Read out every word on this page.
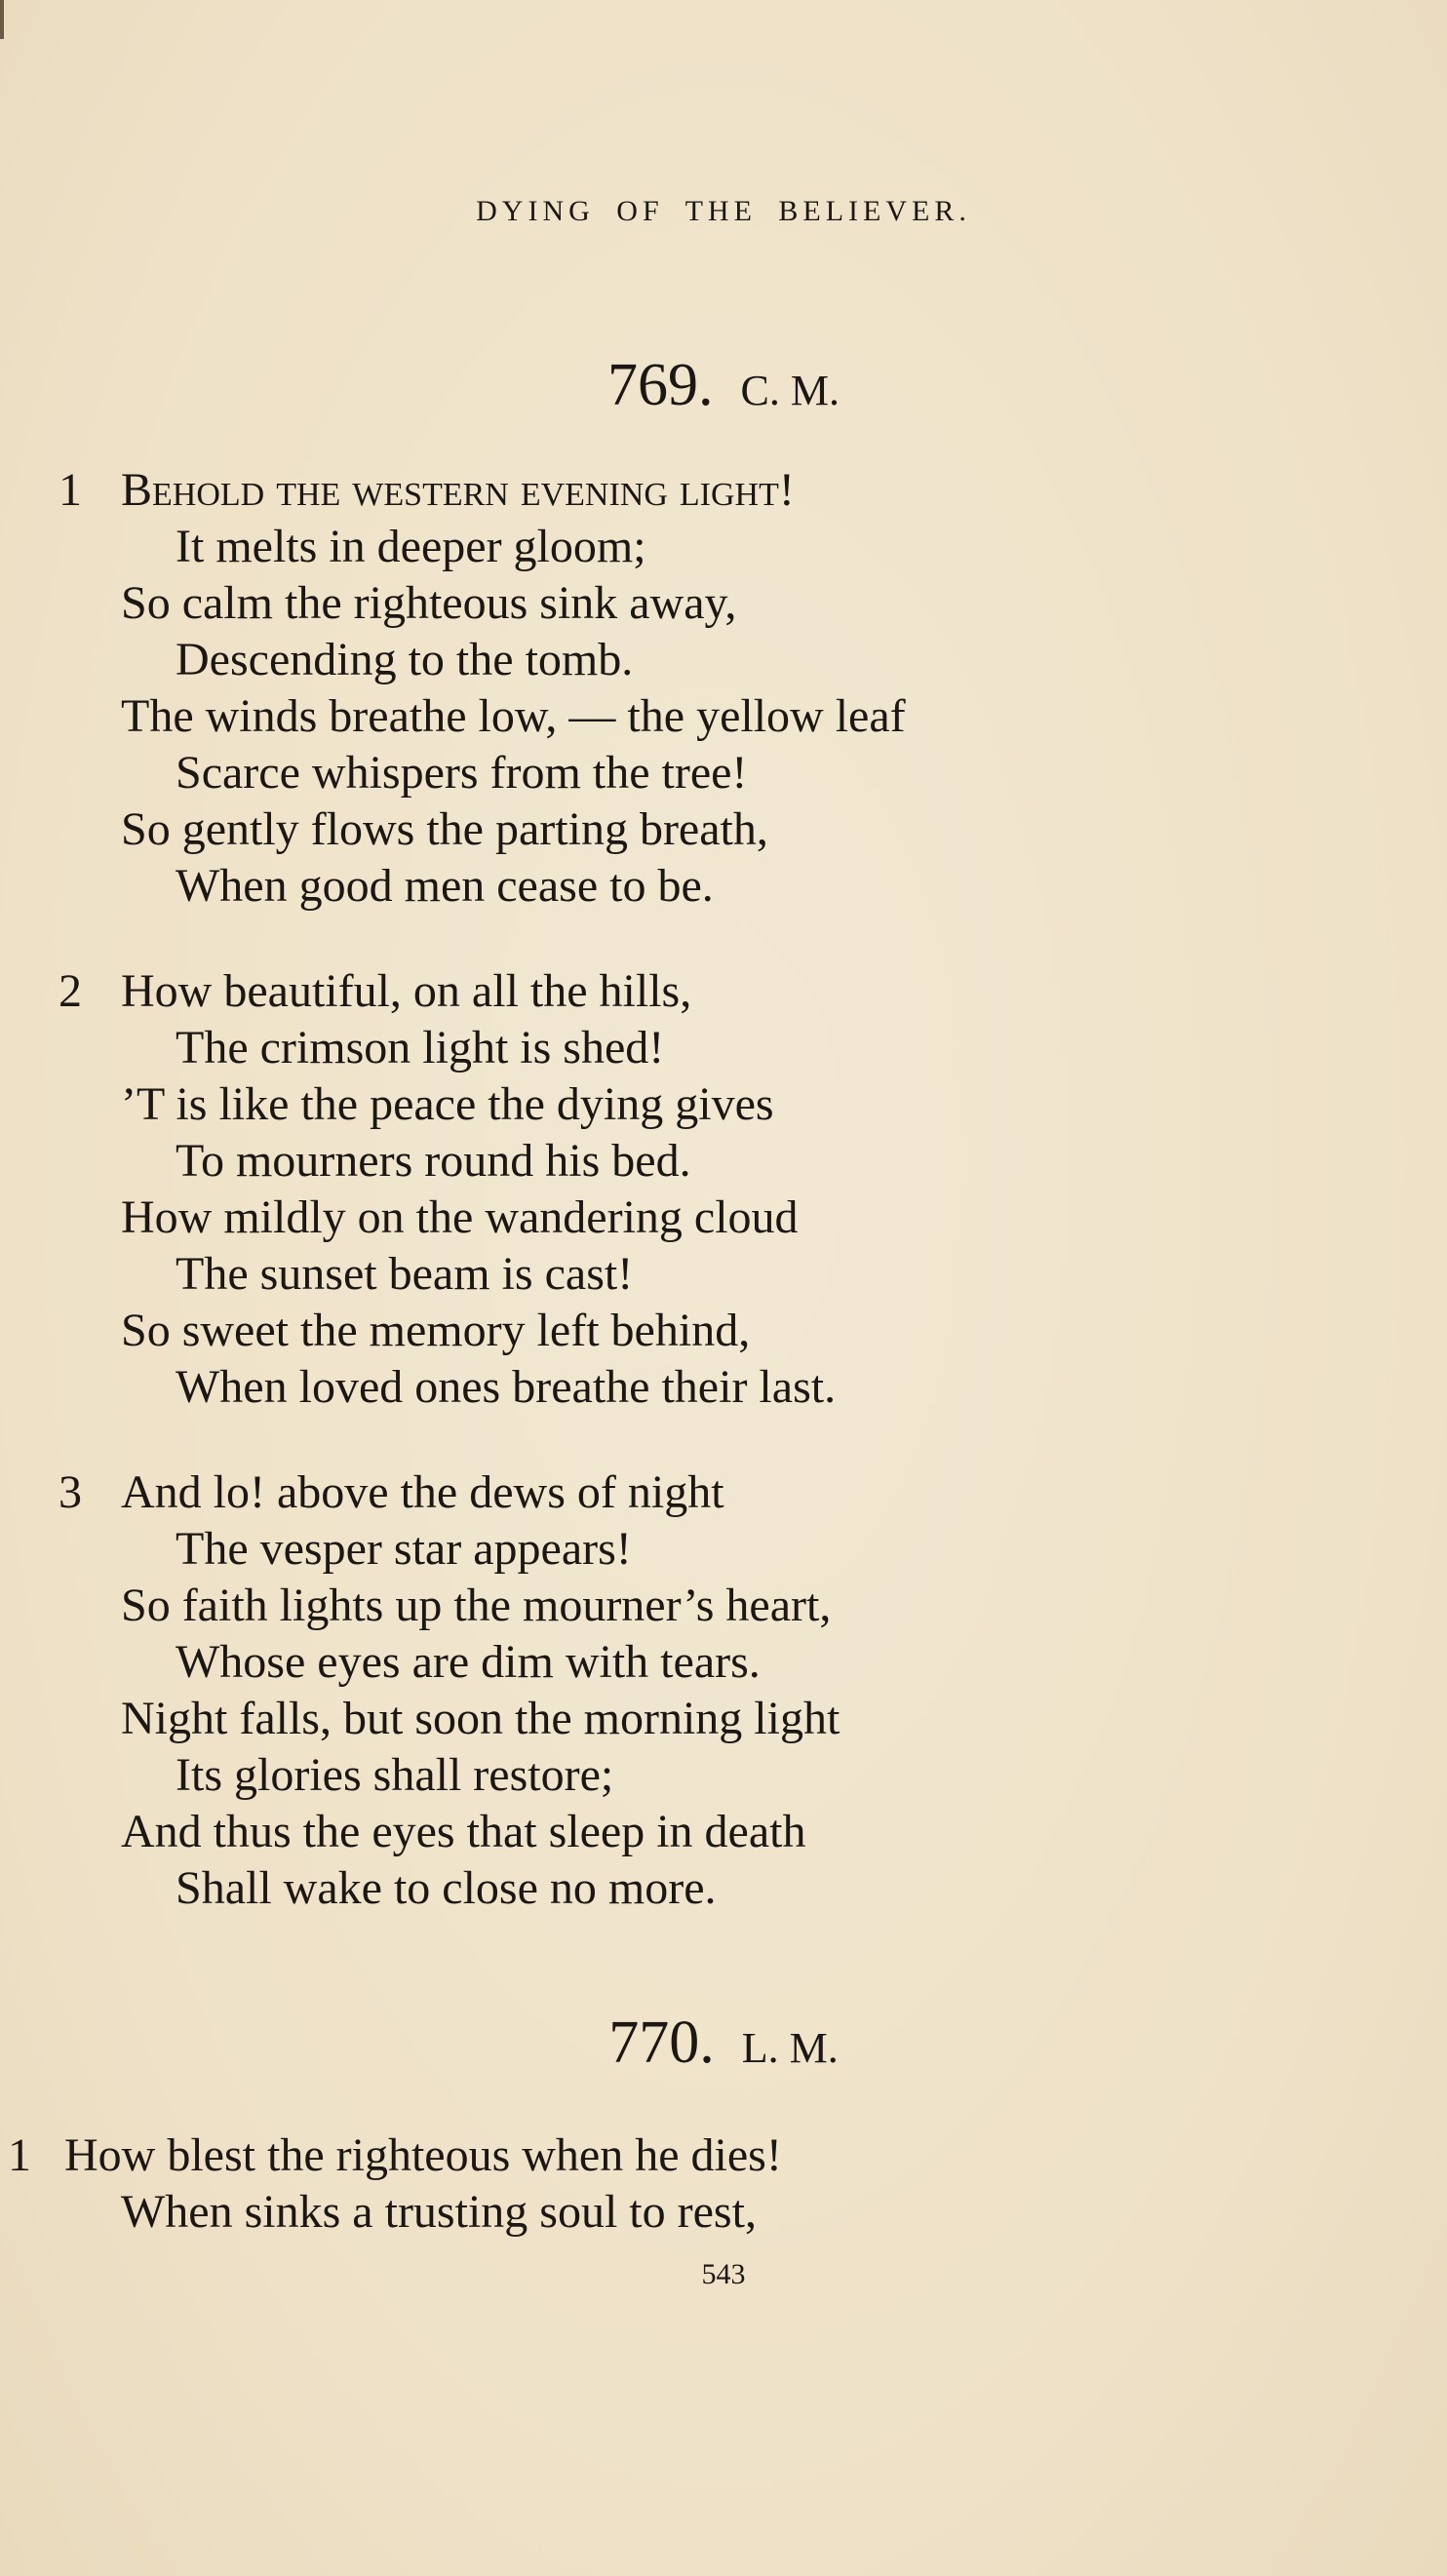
DYING OF THE BELIEVER.
769. C. M.
1 Behold the western evening light!
It melts in deeper gloom;
So calm the righteous sink away,
Descending to the tomb.
The winds breathe low, — the yellow leaf
Scarce whispers from the tree!
So gently flows the parting breath,
When good men cease to be.
2 How beautiful, on all the hills,
The crimson light is shed!
’T is like the peace the dying gives
To mourners round his bed.
How mildly on the wandering cloud
The sunset beam is cast!
So sweet the memory left behind,
When loved ones breathe their last.
3 And lo! above the dews of night
The vesper star appears!
So faith lights up the mourner’s heart,
Whose eyes are dim with tears.
Night falls, but soon the morning light
Its glories shall restore;
And thus the eyes that sleep in death
Shall wake to close no more.
770. L. M.
1 How blest the righteous when he dies!
When sinks a trusting soul to rest,
543
